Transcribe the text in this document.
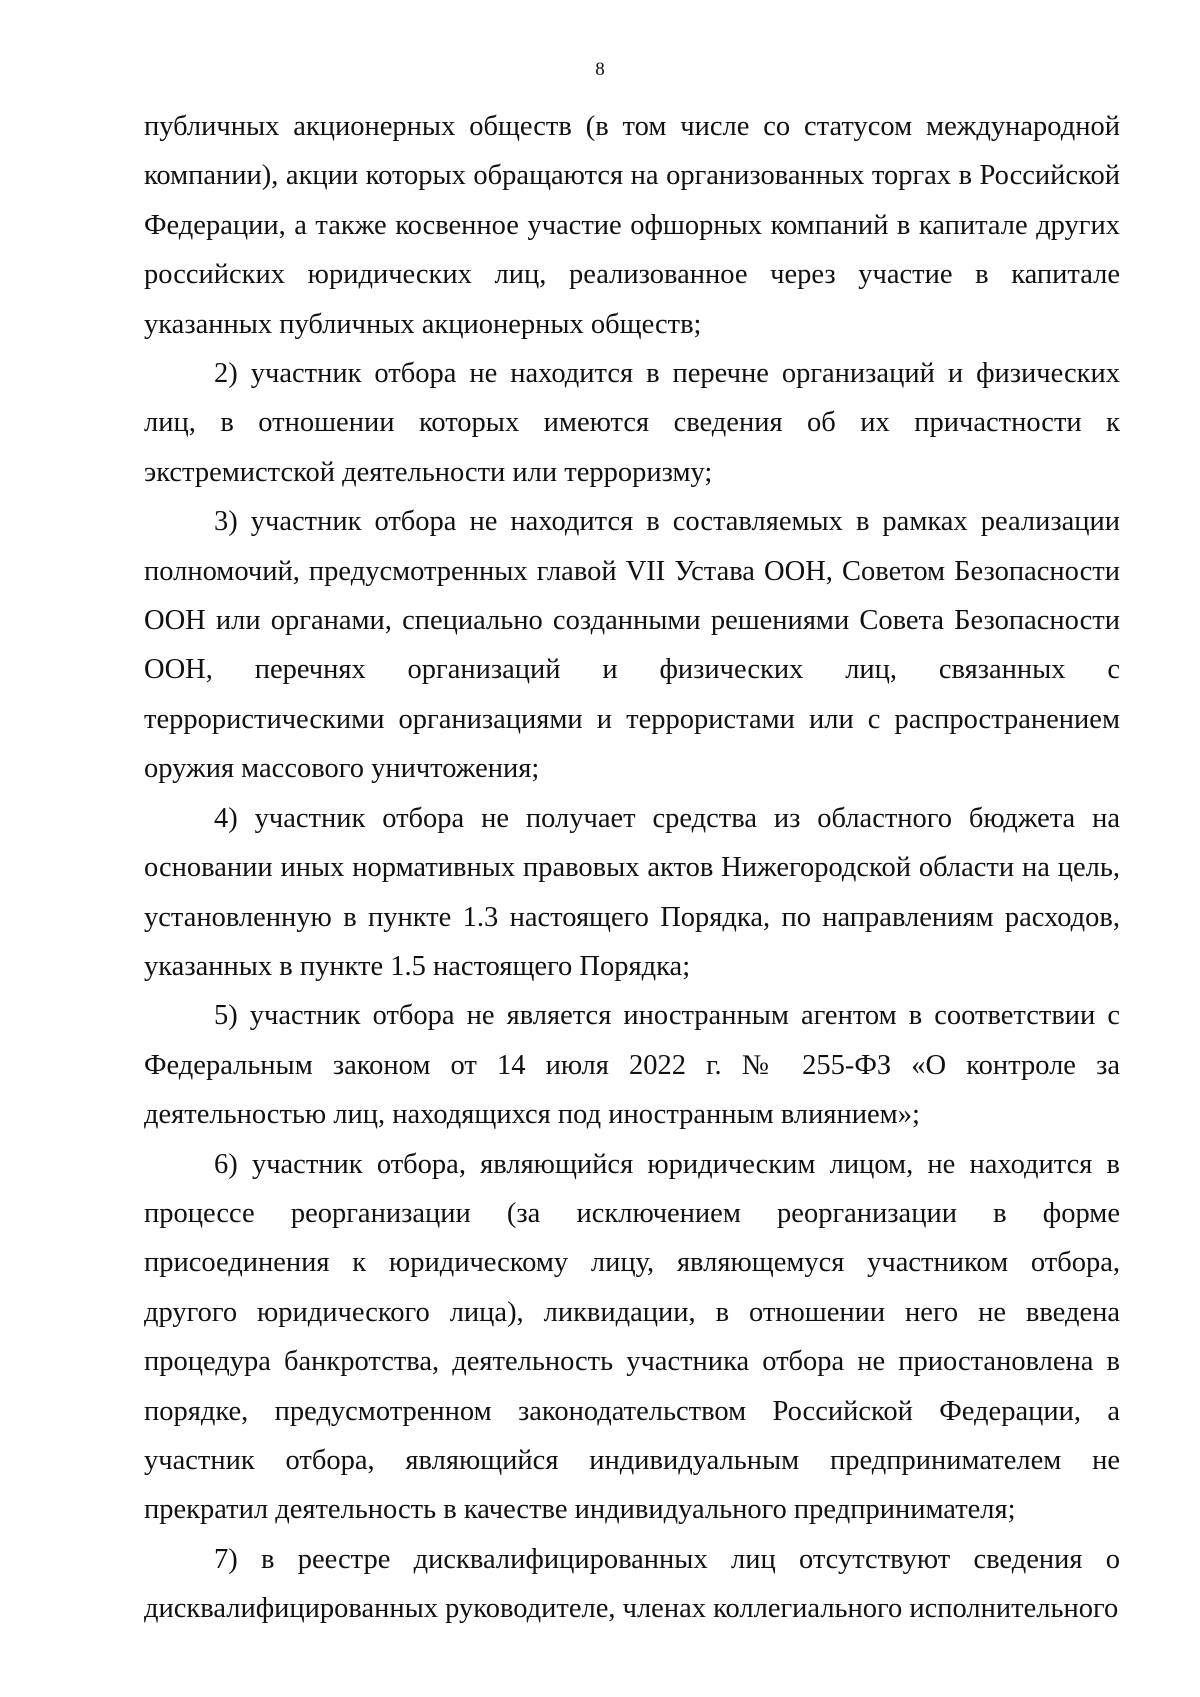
8

публичных акционерных обществ (в том числе со статусом международной компании), акции которых обращаются на организованных торгах в Российской Федерации, а также косвенное участие офшорных компаний в капитале других российских юридических лиц, реализованное через участие в капитале указанных публичных акционерных обществ;

2) участник отбора не находится в перечне организаций и физических лиц, в отношении которых имеются сведения об их причастности к экстремистской деятельности или терроризму;

3) участник отбора не находится в составляемых в рамках реализации полномочий, предусмотренных главой VII Устава ООН, Советом Безопасности ООН или органами, специально созданными решениями Совета Безопасности ООН, перечнях организаций и физических лиц, связанных с террористическими организациями и террористами или с распространением оружия массового уничтожения;

4) участник отбора не получает средства из областного бюджета на основании иных нормативных правовых актов Нижегородской области на цель, установленную в пункте 1.3 настоящего Порядка, по направлениям расходов, указанных в пункте 1.5 настоящего Порядка;

5) участник отбора не является иностранным агентом в соответствии с Федеральным законом от 14 июля 2022 г. № 255-ФЗ «О контроле за деятельностью лиц, находящихся под иностранным влиянием»;

6) участник отбора, являющийся юридическим лицом, не находится в процессе реорганизации (за исключением реорганизации в форме присоединения к юридическому лицу, являющемуся участником отбора, другого юридического лица), ликвидации, в отношении него не введена процедура банкротства, деятельность участника отбора не приостановлена в порядке, предусмотренном законодательством Российской Федерации, а участник отбора, являющийся индивидуальным предпринимателем не прекратил деятельность в качестве индивидуального предпринимателя;

7) в реестре дисквалифицированных лиц отсутствуют сведения о дисквалифицированных руководителе, членах коллегиального исполнительного
